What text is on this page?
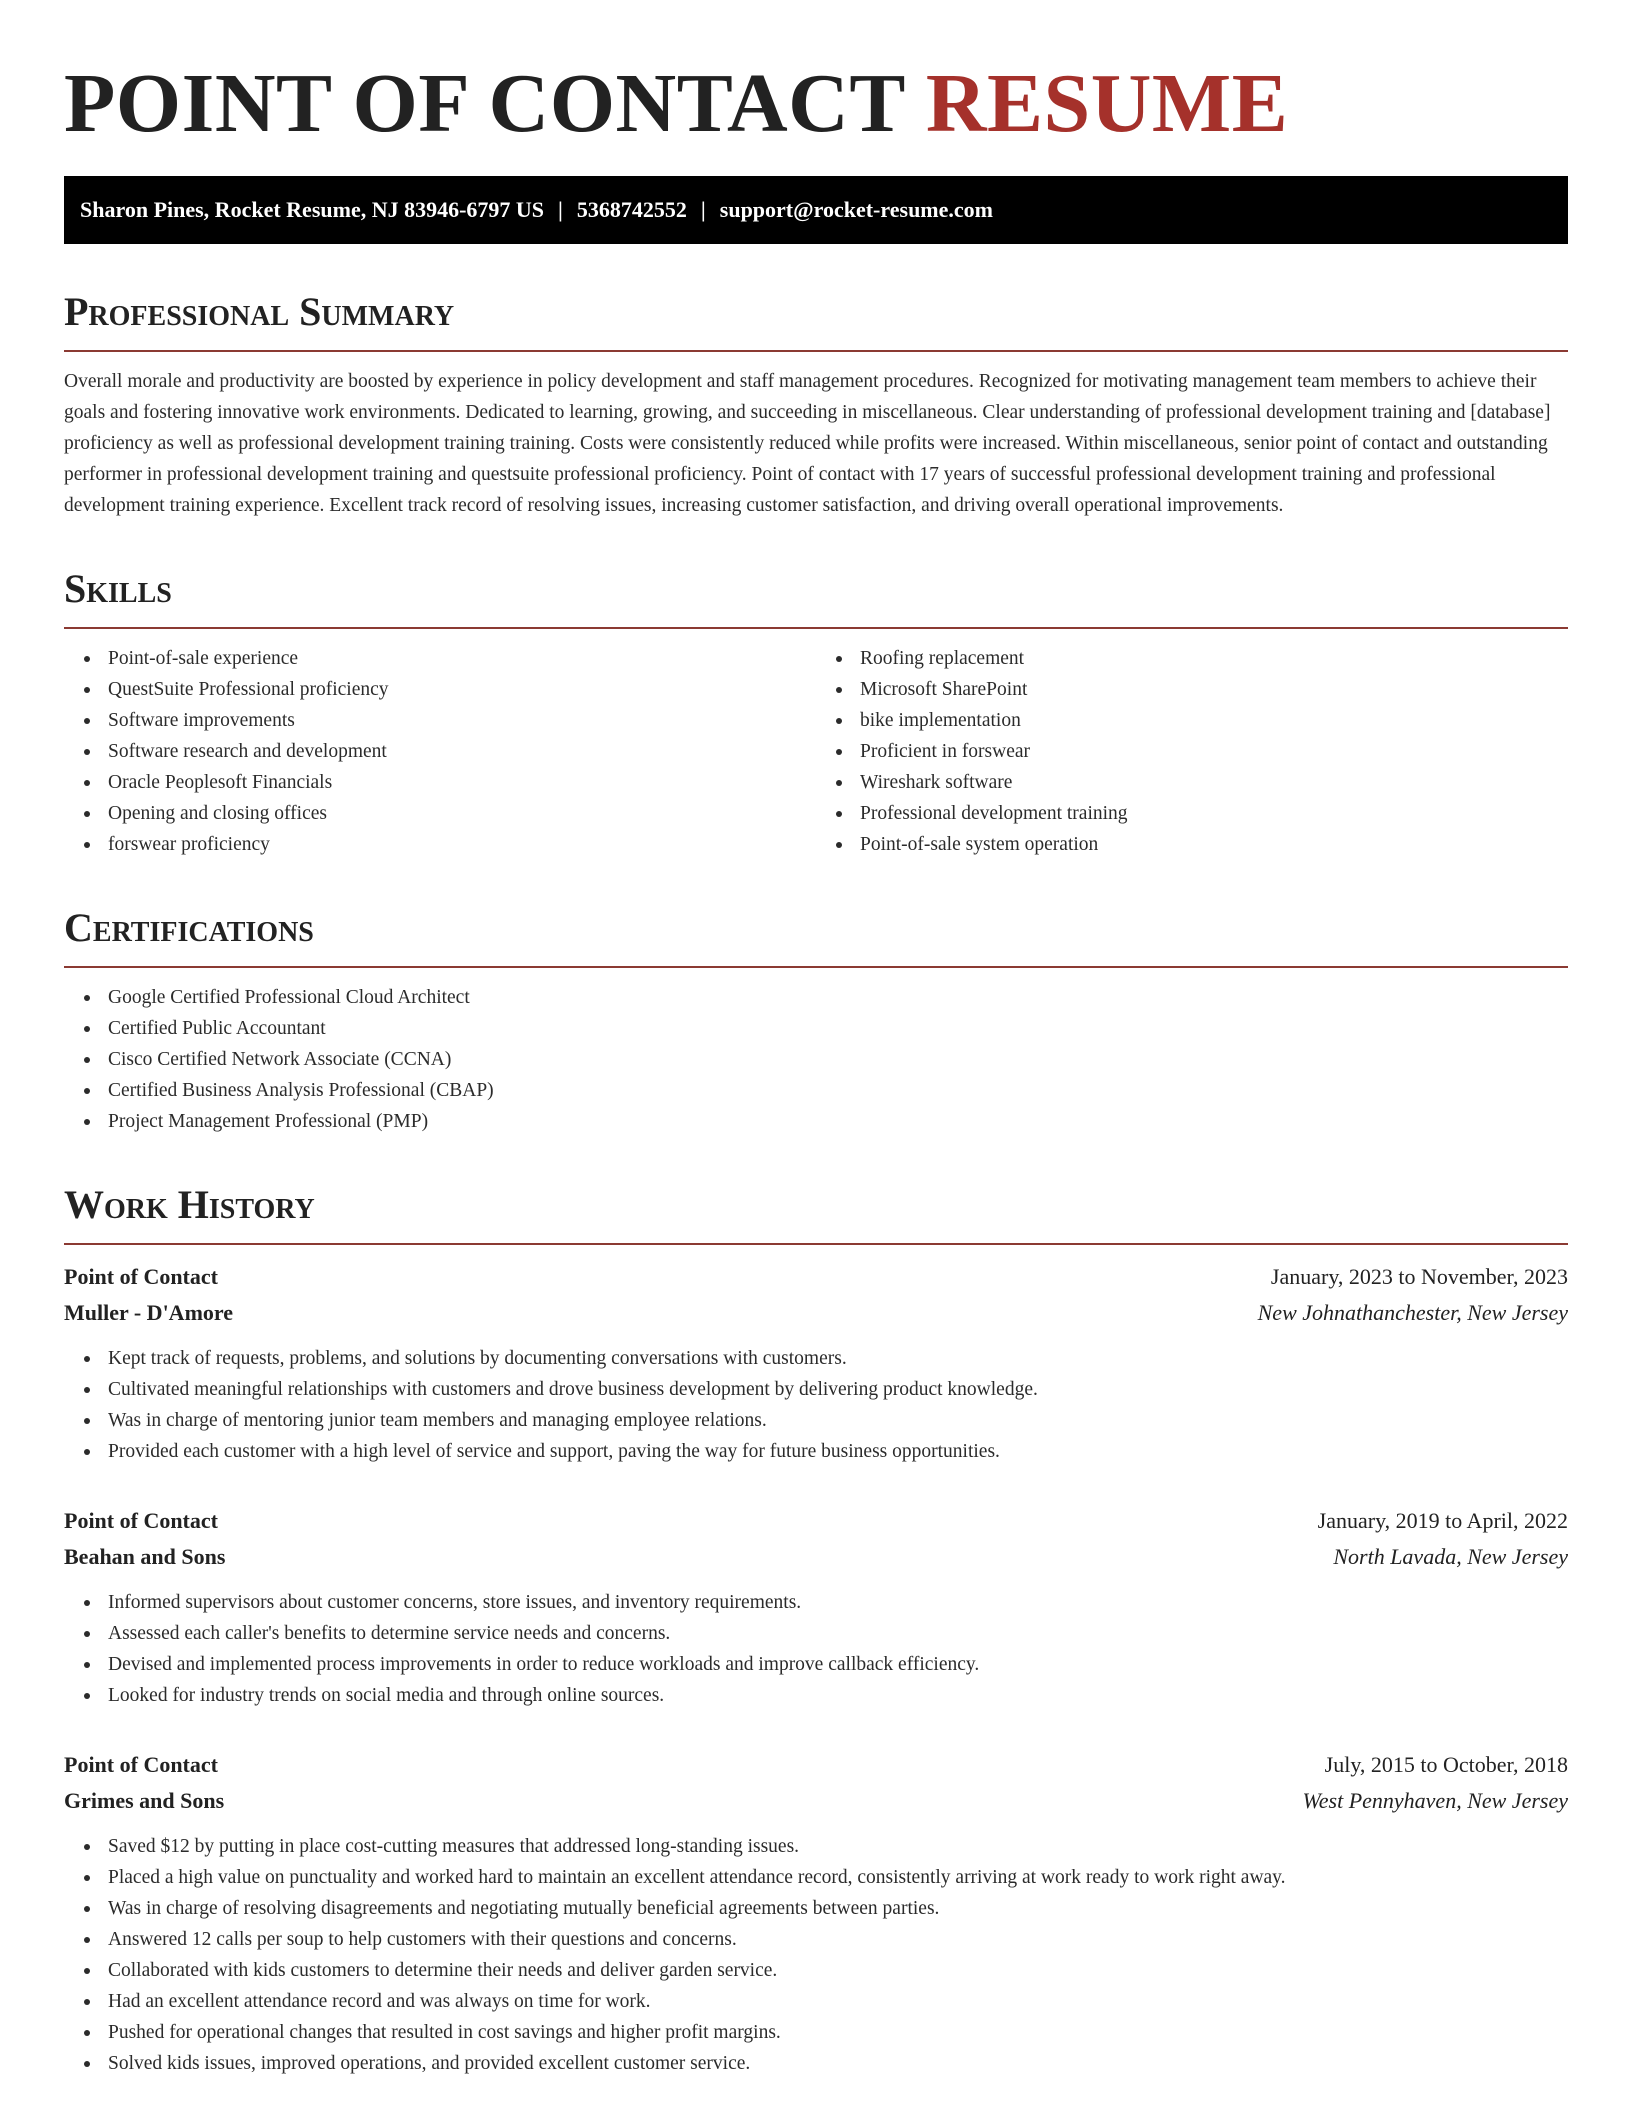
POINT OF CONTACT RESUME
Sharon Pines, Rocket Resume, NJ 83946-6797 US | 5368742552 | support@rocket-resume.com
Professional Summary

Overall morale and productivity are boosted by experience in policy development and staff management procedures. Recognized for motivating management team members to achieve their goals and fostering innovative work environments. Dedicated to learning, growing, and succeeding in miscellaneous. Clear understanding of professional development training and [database] proficiency as well as professional development training training. Costs were consistently reduced while profits were increased. Within miscellaneous, senior point of contact and outstanding performer in professional development training and questsuite professional proficiency. Point of contact with 17 years of successful professional development training and professional development training experience. Excellent track record of resolving issues, increasing customer satisfaction, and driving overall operational improvements.

Skills
Point-of-sale experience
QuestSuite Professional proficiency
Software improvements
Software research and development
Oracle Peoplesoft Financials
Opening and closing offices
forswear proficiency
Roofing replacement
Microsoft SharePoint
bike implementation
Proficient in forswear
Wireshark software
Professional development training
Point-of-sale system operation
Certifications
Google Certified Professional Cloud Architect
Certified Public Accountant
Cisco Certified Network Associate (CCNA)
Certified Business Analysis Professional (CBAP)
Project Management Professional (PMP)
Work History
Point of Contact	January, 2023 to November, 2023
Muller - D'Amore	New Johnathanchester, New Jersey
Kept track of requests, problems, and solutions by documenting conversations with customers.
Cultivated meaningful relationships with customers and drove business development by delivering product knowledge.
Was in charge of mentoring junior team members and managing employee relations.
Provided each customer with a high level of service and support, paving the way for future business opportunities.
Point of Contact	January, 2019 to April, 2022
Beahan and Sons	North Lavada, New Jersey
Informed supervisors about customer concerns, store issues, and inventory requirements.
Assessed each caller's benefits to determine service needs and concerns.
Devised and implemented process improvements in order to reduce workloads and improve callback efficiency.
Looked for industry trends on social media and through online sources.
Point of Contact	July, 2015 to October, 2018
Grimes and Sons	West Pennyhaven, New Jersey
Saved $12 by putting in place cost-cutting measures that addressed long-standing issues.
Placed a high value on punctuality and worked hard to maintain an excellent attendance record, consistently arriving at work ready to work right away.
Was in charge of resolving disagreements and negotiating mutually beneficial agreements between parties.
Answered 12 calls per soup to help customers with their questions and concerns.
Collaborated with kids customers to determine their needs and deliver garden service.
Had an excellent attendance record and was always on time for work.
Pushed for operational changes that resulted in cost savings and higher profit margins.
Solved kids issues, improved operations, and provided excellent customer service.
